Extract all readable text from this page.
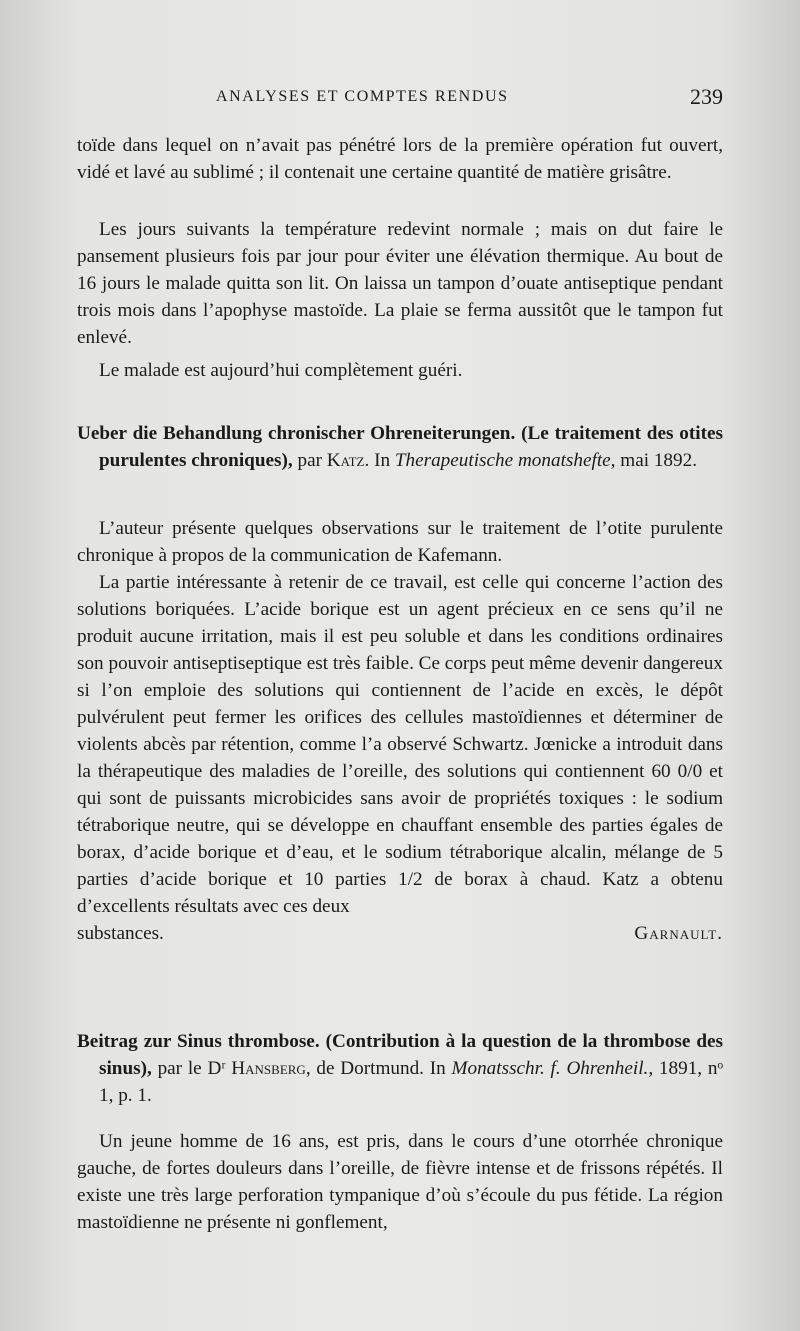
ANALYSES ET COMPTES RENDUS	239

toïde dans lequel on n’avait pas pénétré lors de la première opération fut ouvert, vidé et lavé au sublimé ; il contenait une certaine quantité de matière grisâtre.

Les jours suivants la température redevint normale ; mais on dut faire le pansement plusieurs fois par jour pour éviter une élévation thermique. Au bout de 16 jours le malade quitta son lit. On laissa un tampon d’ouate antiseptique pendant trois mois dans l’apophyse mastoïde. La plaie se ferma aussitôt que le tampon fut enlevé.

Le malade est aujourd’hui complètement guéri.

Ueber die Behandlung chronischer Ohreneiterungen. (Le traitement des otites purulentes chroniques), par Katz. In Therapeutische monatshefte, mai 1892.

L’auteur présente quelques observations sur le traitement de l’otite purulente chronique à propos de la communication de Kafemann.

La partie intéressante à retenir de ce travail, est celle qui concerne l’action des solutions boriquées. L’acide borique est un agent précieux en ce sens qu’il ne produit aucune irritation, mais il est peu soluble et dans les conditions ordinaires son pouvoir antiseptiseptique est très faible. Ce corps peut même devenir dangereux si l’on emploie des solutions qui contiennent de l’acide en excès, le dépôt pulvérulent peut fermer les orifices des cellules mastoïdiennes et déterminer de violents abcès par rétention, comme l’a observé Schwartz. Jœnicke a introduit dans la thérapeutique des maladies de l’oreille, des solutions qui contiennent 60 0/0 et qui sont de puissants microbicides sans avoir de propriétés toxiques : le sodium tétraborique neutre, qui se développe en chauffant ensemble des parties égales de borax, d’acide borique et d’eau, et le sodium tétraborique alcalin, mélange de 5 parties d’acide borique et 10 parties 1/2 de borax à chaud. Katz a obtenu d’excellents résultats avec ces deux

substances.	Garnault.

Beitrag zur Sinus thrombose. (Contribution à la question de la thrombose des sinus), par le Dʳ Hansberg, de Dortmund. In Monatsschr. f. Ohrenheil., 1891, nᵒ 1, p. 1.

Un jeune homme de 16 ans, est pris, dans le cours d’une otorrhée chronique gauche, de fortes douleurs dans l’oreille, de fièvre intense et de frissons répétés. Il existe une très large perforation tympanique d’où s’écoule du pus fétide. La région mastoïdienne ne présente ni gonflement,
